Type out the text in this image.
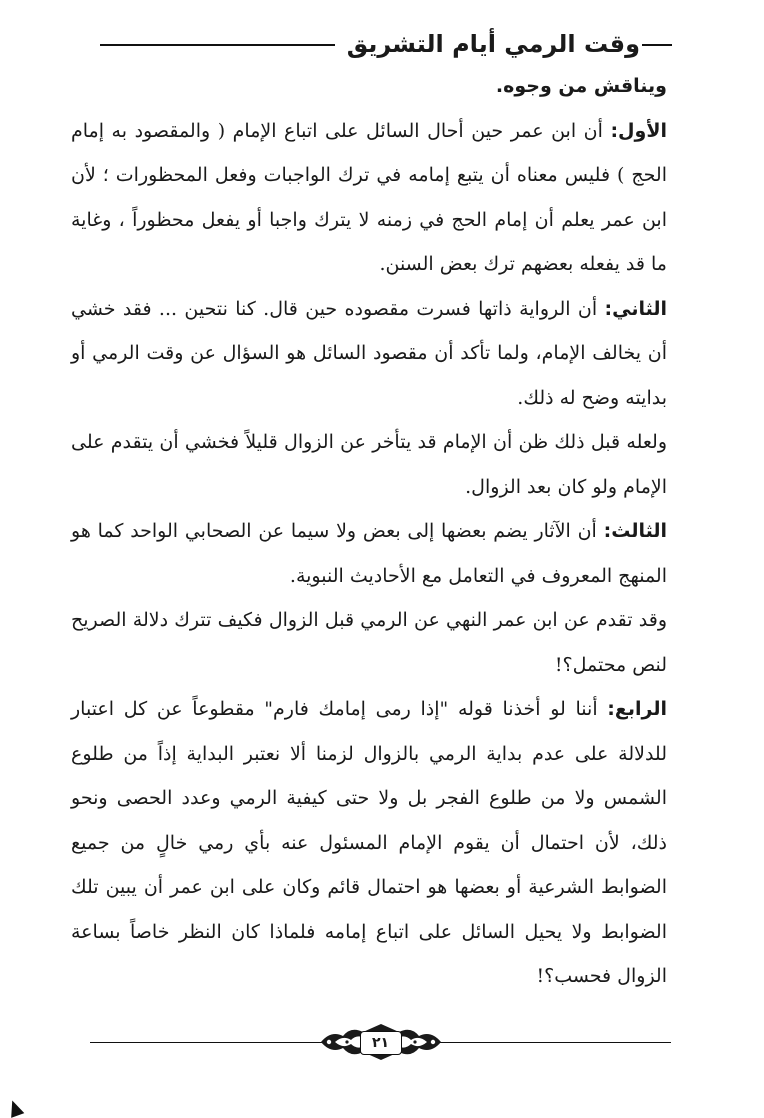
وقت الرمي أيام التشريق

ويناقش من وجوه.

الأول: أن ابن عمر حين أحال السائل على اتباع الإمام ( والمقصود به إمام الحج ) فليس معناه أن يتبع إمامه في ترك الواجبات وفعل المحظورات ؛ لأن ابن عمر يعلم أن إمام الحج في زمنه لا يترك واجبا أو يفعل محظوراً ، وغاية ما قد يفعله بعضهم ترك بعض السنن.

الثاني: أن الرواية ذاتها فسرت مقصوده حين قال. كنا نتحين ... فقد خشي أن يخالف الإمام، ولما تأكد أن مقصود السائل هو السؤال عن وقت الرمي أو بدايته وضح له ذلك.

ولعله قبل ذلك ظن أن الإمام قد يتأخر عن الزوال قليلاً فخشي أن يتقدم على الإمام ولو كان بعد الزوال.

الثالث: أن الآثار يضم بعضها إلى بعض ولا سيما عن الصحابي الواحد كما هو المنهج المعروف في التعامل مع الأحاديث النبوية.

وقد تقدم عن ابن عمر النهي عن الرمي قبل الزوال فكيف تترك دلالة الصريح لنص محتمل؟!

الرابع: أننا لو أخذنا قوله "إذا رمى إمامك فارم" مقطوعاً عن كل اعتبار للدلالة على عدم بداية الرمي بالزوال لزمنا ألا نعتبر البداية إذاً من طلوع الشمس ولا من طلوع الفجر بل ولا حتى كيفية الرمي وعدد الحصى ونحو ذلك، لأن احتمال أن يقوم الإمام المسئول عنه بأي رمي خالٍ من جميع الضوابط الشرعية أو بعضها هو احتمال قائم وكان على ابن عمر أن يبين تلك الضوابط ولا يحيل السائل على اتباع إمامه فلماذا كان النظر خاصاً بساعة الزوال فحسب؟!

٢١
